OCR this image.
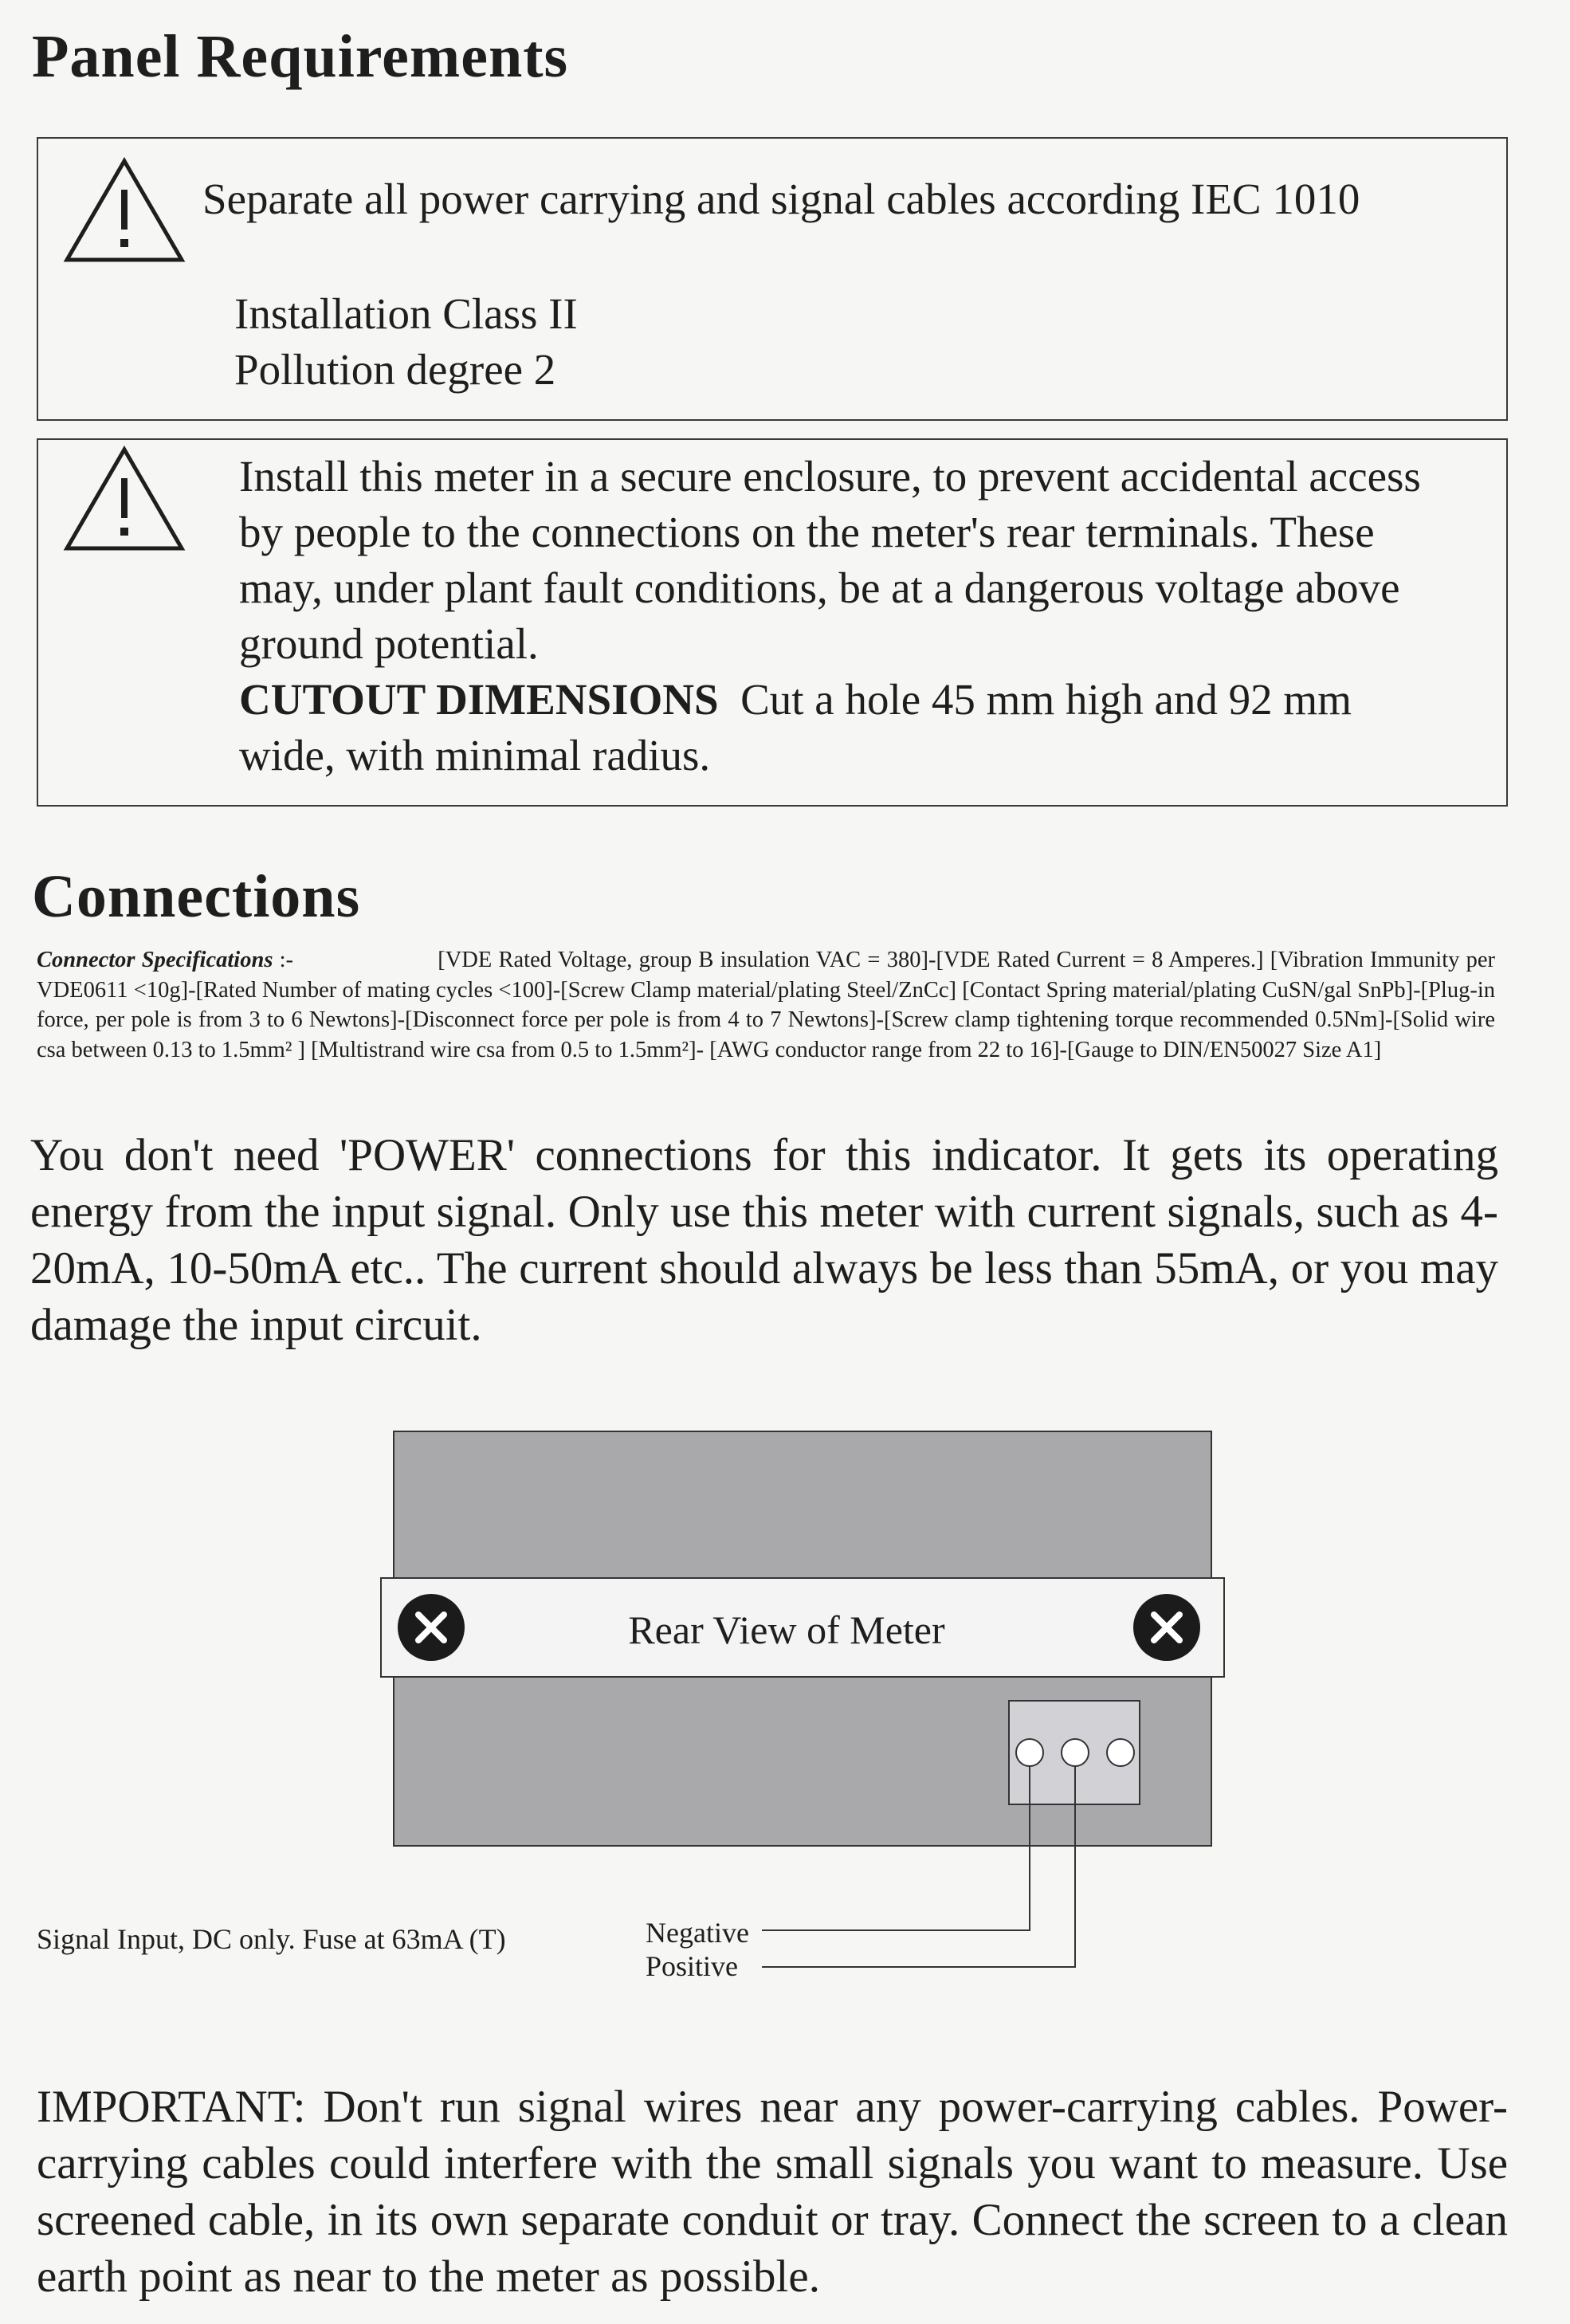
Panel Requirements
Separate all power carrying and signal cables according IEC 1010
Installation Class II
Pollution degree 2
Install this meter in a secure enclosure, to prevent accidental access
by people to the connections on the meter's rear terminals. These
may, under plant fault conditions, be at a dangerous voltage above
ground potential.
CUTOUT DIMENSIONS Cut a hole 45 mm high and 92 mm
wide, with minimal radius.
Connections
Connector Specifications :-	[VDE Rated Voltage, group B insulation VAC = 380]-[VDE Rated Current = 8 Amperes.] [Vibration Immunity per VDE0611 <10g]-[Rated Number of mating cycles <100]-[Screw Clamp material/plating Steel/ZnCc] [Contact Spring material/plating CuSN/gal SnPb]-[Plug-in force, per pole is from 3 to 6 Newtons]-[Disconnect force per pole is from 4 to 7 Newtons]-[Screw clamp tightening torque recommended 0.5Nm]-[Solid wire csa between 0.13 to 1.5mm² ] [Multistrand wire csa from 0.5 to 1.5mm²]- [AWG conductor range from 22 to 16]-[Gauge to DIN/EN50027 Size A1]
You don't need 'POWER' connections for this indicator. It gets its operating energy from the input signal. Only use this meter with current signals, such as 4-20mA, 10-50mA etc.. The current should always be less than 55mA, or you may damage the input circuit.
Rear View of Meter
Signal Input, DC only. Fuse at 63mA (T)	Negative
Positive
IMPORTANT: Don't run signal wires near any power-carrying cables. Power-carrying cables could interfere with the small signals you want to measure. Use screened cable, in its own separate conduit or tray. Connect the screen to a clean earth point as near to the meter as possible.
